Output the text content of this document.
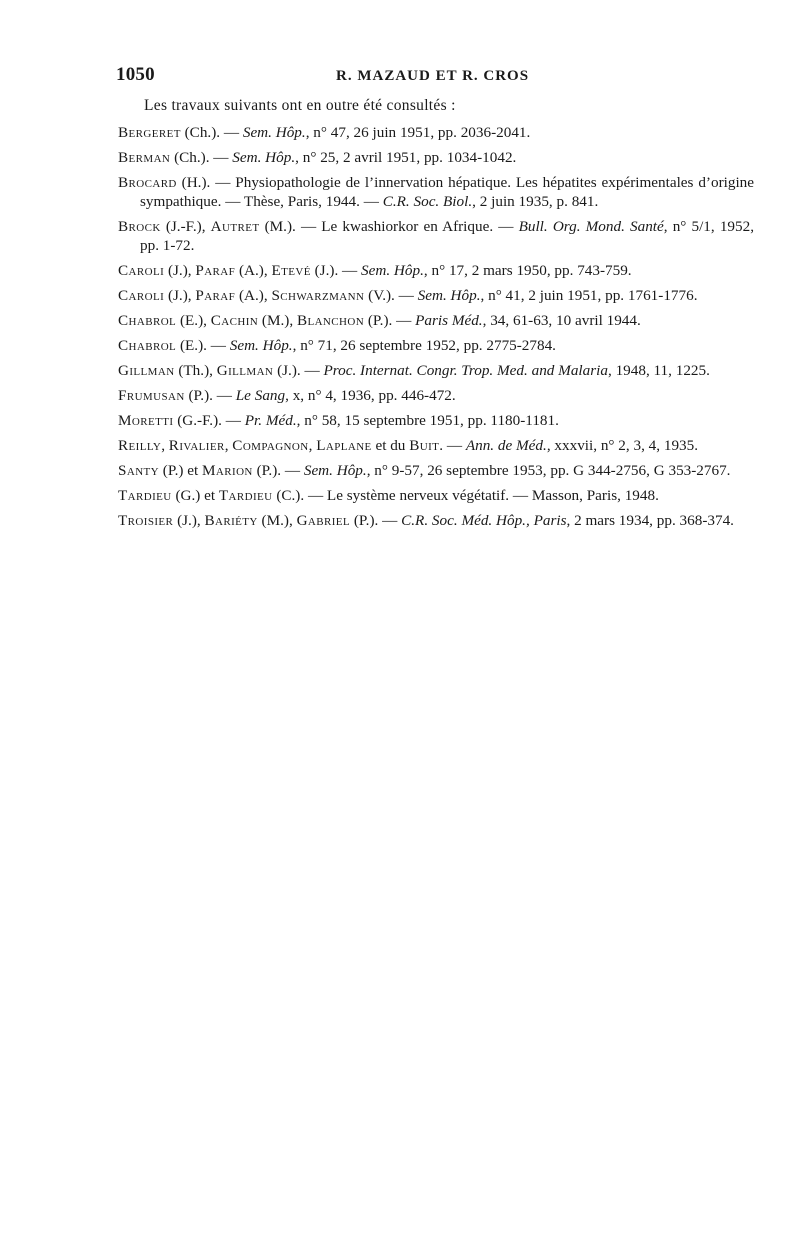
1050	R. MAZAUD ET R. CROS
Les travaux suivants ont en outre été consultés :
Bergeret (Ch.). — Sem. Hôp., n° 47, 26 juin 1951, pp. 2036-2041.
Berman (Ch.). — Sem. Hôp., n° 25, 2 avril 1951, pp. 1034-1042.
Brocard (H.). — Physiopathologie de l’innervation hépatique. Les hépatites expérimentales d’origine sympathique. — Thèse, Paris, 1944. — C.R. Soc. Biol., 2 juin 1935, p. 841.
Brock (J.-F.), Autret (M.). — Le kwashiorkor en Afrique. — Bull. Org. Mond. Santé, n° 5/1, 1952, pp. 1-72.
Caroli (J.), Paraf (A.), Etevé (J.). — Sem. Hôp., n° 17, 2 mars 1950, pp. 743-759.
Caroli (J.), Paraf (A.), Schwarzmann (V.). — Sem. Hôp., n° 41, 2 juin 1951, pp. 1761-1776.
Chabrol (E.), Cachin (M.), Blanchon (P.). — Paris Méd., 34, 61-63, 10 avril 1944.
Chabrol (E.). — Sem. Hôp., n° 71, 26 septembre 1952, pp. 2775-2784.
Gillman (Th.), Gillman (J.). — Proc. Internat. Congr. Trop. Med. and Malaria, 1948, 11, 1225.
Frumusan (P.). — Le Sang, x, n° 4, 1936, pp. 446-472.
Moretti (G.-F.). — Pr. Méd., n° 58, 15 septembre 1951, pp. 1180-1181.
Reilly, Rivalier, Compagnon, Laplane et du Buit. — Ann. de Méd., xxxvii, n° 2, 3, 4, 1935.
Santy (P.) et Marion (P.). — Sem. Hôp., n° 9-57, 26 septembre 1953, pp. G 344-2756, G 353-2767.
Tardieu (G.) et Tardieu (C.). — Le système nerveux végétatif. — Masson, Paris, 1948.
Troisier (J.), Bariéty (M.), Gabriel (P.). — C.R. Soc. Méd. Hôp., Paris, 2 mars 1934, pp. 368-374.
